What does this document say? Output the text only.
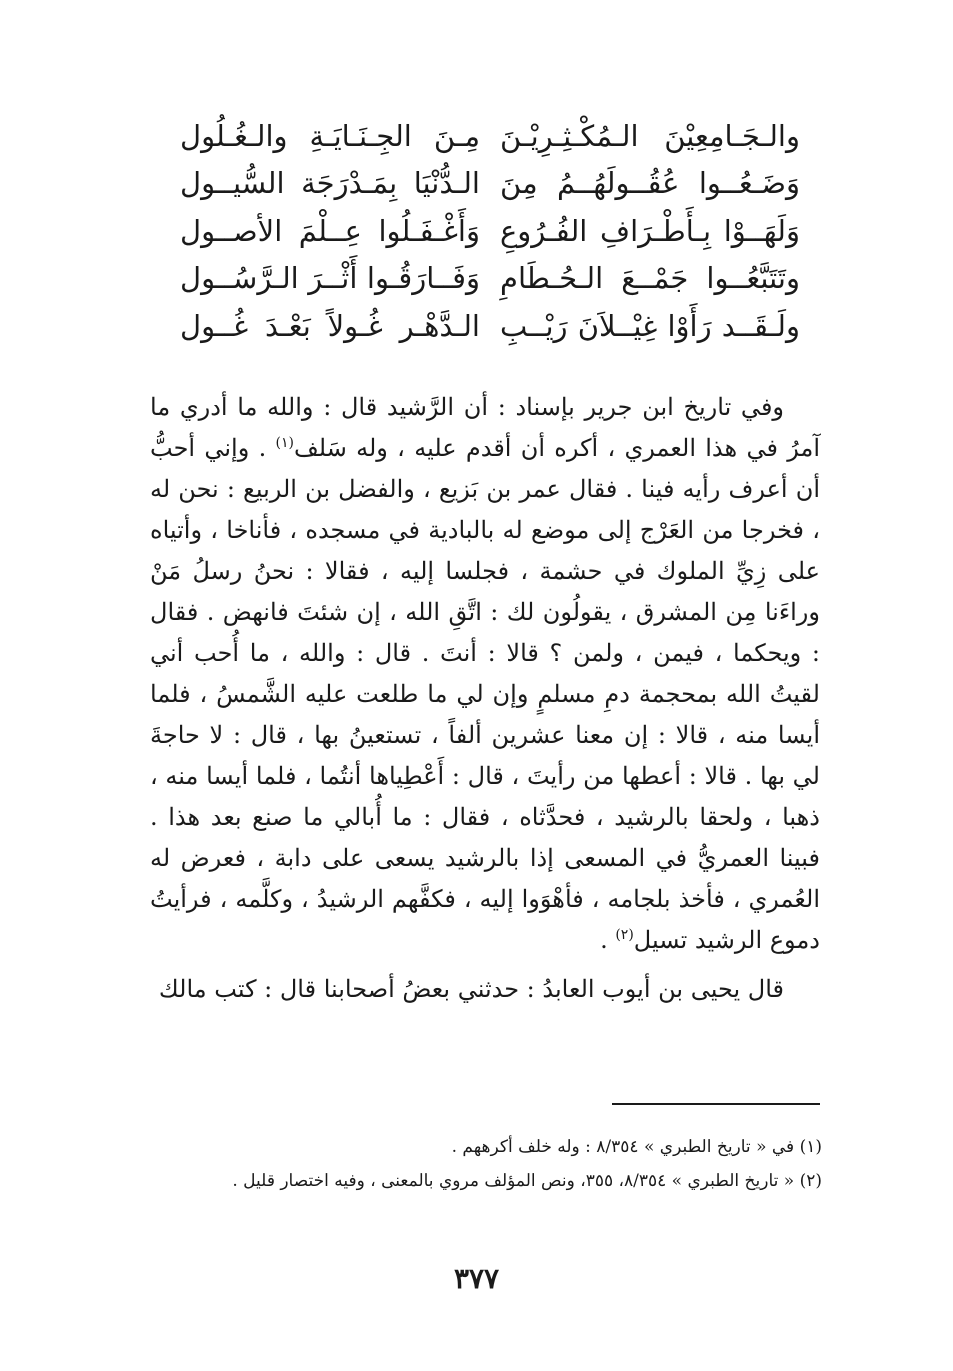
والـجَـامِعِيْنَ الـمُكْـثِـرِيْـنَ
مِـنَ الجِـنَـايَـةِ والـغُـلُول
وَضَـعُــوا عُقُــولَهُــمُ مِنَ
الـدُّنْيَا بِمَـدْرَجَة السُّيــول
وَلَهَــوْا بِـأَطْـرَافِ الفُـرُوعِ
وَأَغْـفَـلُوا عِــلْمَ الأصــول
وتَتَبَّعُــوا جَمْــعَ الـحُـطَامِ
وَفَــارَقُـوا أَثْــرَ الـرَّسُــول
ولَـقَــد رَأَوْا غِيْــلاَنَ رَيْــبِ
الـدَّهْـر غُـولاً بَعْـدَ غُــول

وفي تاريخ ابن جرير بإسناد : أن الرَّشيد قال : والله ما أدري ما آمرُ في هذا العمري ، أكره أن أقدم عليه ، وله سَلف$^{(١)}$ . وإني أحبُّ أن أعرف رأيه فينا . فقال عمر بن بَزيع ، والفضل بن الربيع : نحن له ، فخرجا من العَرْج إلى موضع له بالبادية في مسجده ، فأناخا ، وأتياه على زِيِّ الملوك في حشمة ، فجلسا إليه ، فقالا : نحنُ رسلُ مَنْ وراءَنا مِن المشرق ، يقولُون لك : اتَّقِ الله ، إن شئتَ فانهض . فقال : ويحكما ، فيمن ، ولمن ؟ قالا : أنتَ . قال : والله ، ما أُحب أني لقيتُ الله بمحجمة دمِ مسلمٍ وإن لي ما طلعت عليه الشَّمسُ ، فلما أيسا منه ، قالا : إن معنا عشرين ألفاً ، تستعينُ بها ، قال : لا حاجةَ لي بها . قالا : أعطها من رأيتَ ، قال : أَعْطِياها أنتُما ، فلما أيسا منه ، ذهبا ، ولحقا بالرشيد ، فحدَّثاه ، فقال : ما أُبالي ما صنع بعد هذا . فبينا العمريُّ في المسعى إذا بالرشيد يسعى على دابة ، فعرض له العُمري ، فأخذ بلجامه ، فأهْوَوا إليه ، فكفَّهم الرشيدُ ، وكلَّمه ، فرأيتُ دموع الرشيد تسيل$^{(٢)}$ .

قال يحيى بن أيوب العابدُ : حدثني بعضُ أصحابنا قال : كتب مالك

(١) في « تاريخ الطبري » ٨/٣٥٤ : وله خلف أكرههم .

(٢) « تاريخ الطبري » ٨/٣٥٤، ٣٥٥، ونص المؤلف مروي بالمعنى ، وفيه اختصار قليل .

٣٧٧
